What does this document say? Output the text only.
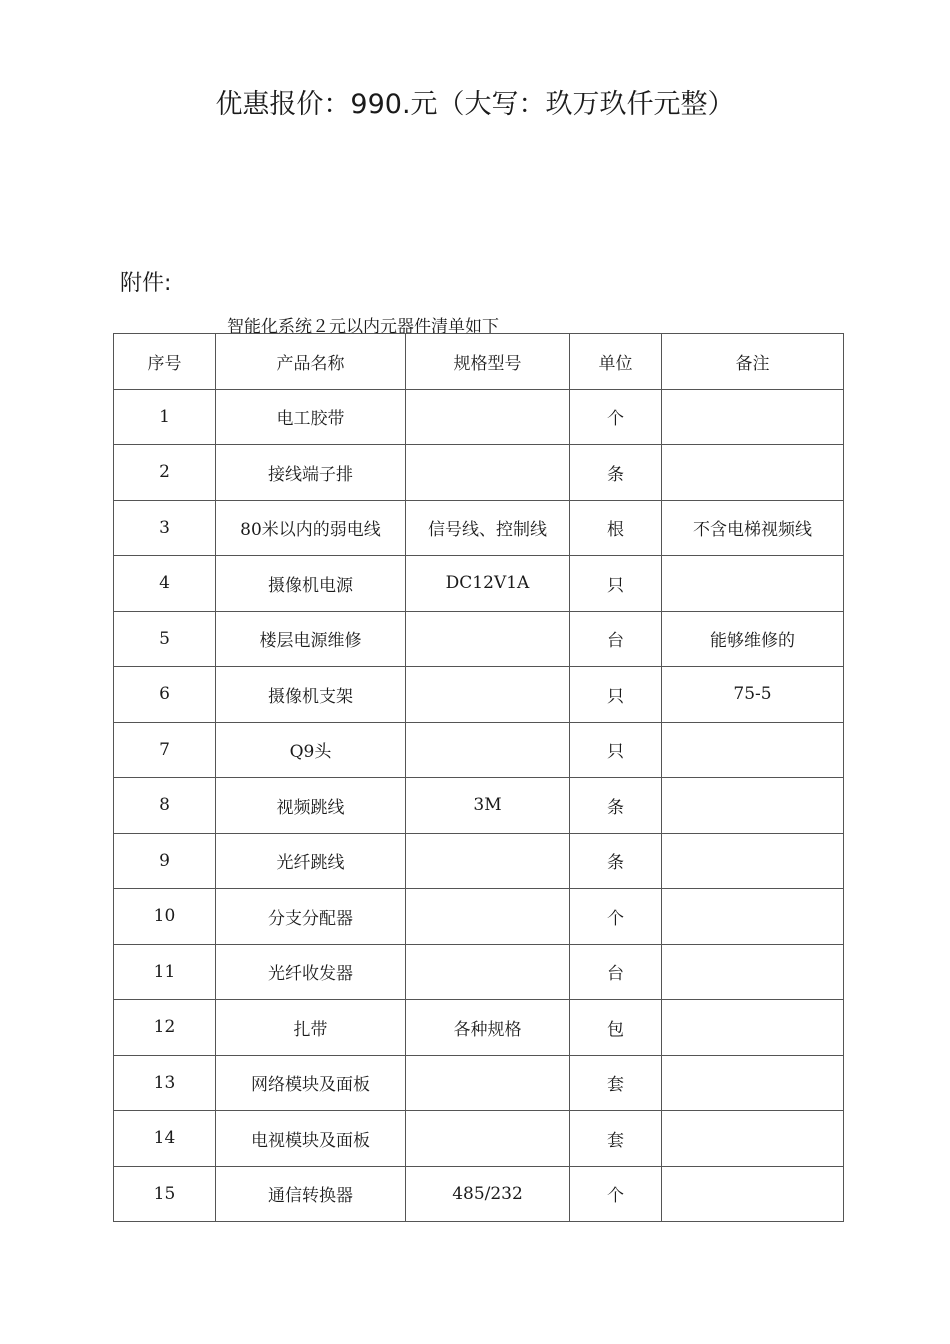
优惠报价：990.元（大写：玖万玖仟元整）
附件:
智能化系统２元以内元器件清单如下
序号	产品名称	规格型号	单位	备注
1	电工胶带		个	
2	接线端子排		条	
3	80米以内的弱电线	信号线、控制线	根	不含电梯视频线
4	摄像机电源	DC12V1A	只	
5	楼层电源维修		台	能够维修的
6	摄像机支架		只	75-5
7	Q9头		只	
8	视频跳线	3M	条	
9	光纤跳线		条	
10	分支分配器		个	
11	光纤收发器		台	
12	扎带	各种规格	包	
13	网络模块及面板		套	
14	电视模块及面板		套	
15	通信转换器	485/232	个	
